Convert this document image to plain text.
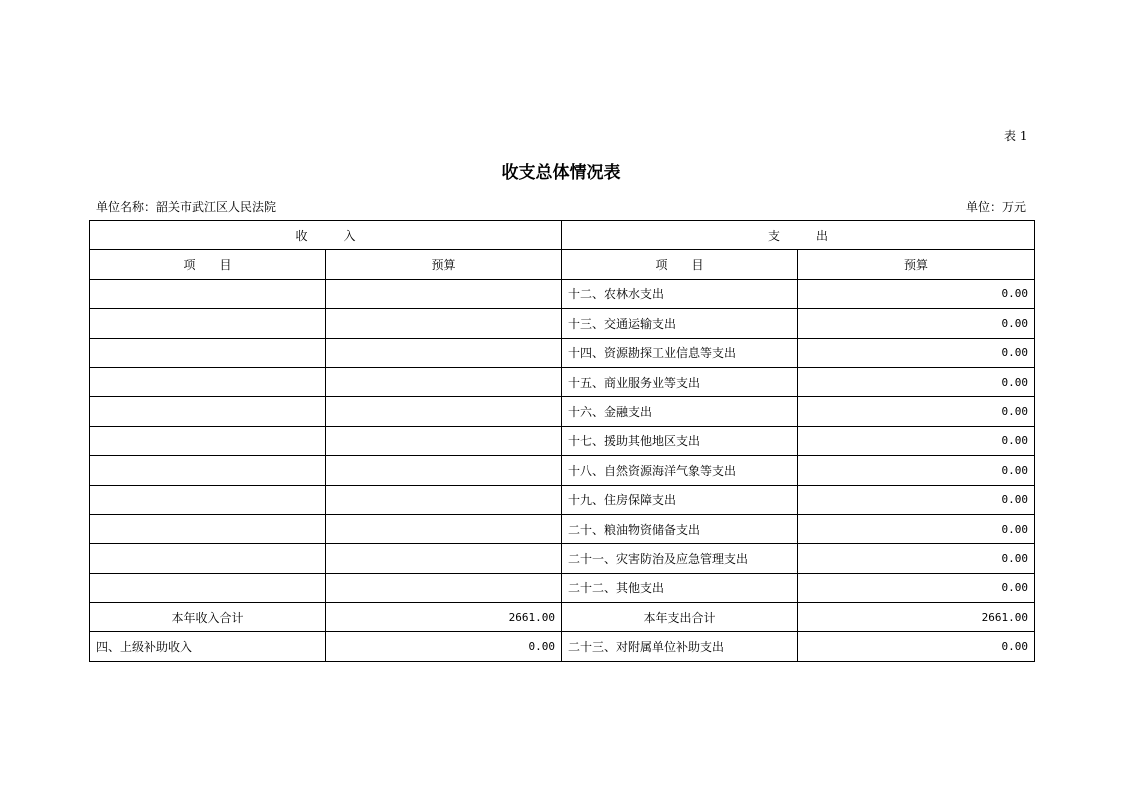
表 1
收支总体情况表
单位名称：韶关市武江区人民法院	单位：万元
收　　　入		支　　　出	
项　　目	预算	项　　目	预算
		十二、农林水支出	0.00
		十三、交通运输支出	0.00
		十四、资源勘探工业信息等支出	0.00
		十五、商业服务业等支出	0.00
		十六、金融支出	0.00
		十七、援助其他地区支出	0.00
		十八、自然资源海洋气象等支出	0.00
		十九、住房保障支出	0.00
		二十、粮油物资储备支出	0.00
		二十一、灾害防治及应急管理支出	0.00
		二十二、其他支出	0.00
本年收入合计	2661.00	本年支出合计	2661.00
四、上级补助收入	0.00	二十三、对附属单位补助支出	0.00
